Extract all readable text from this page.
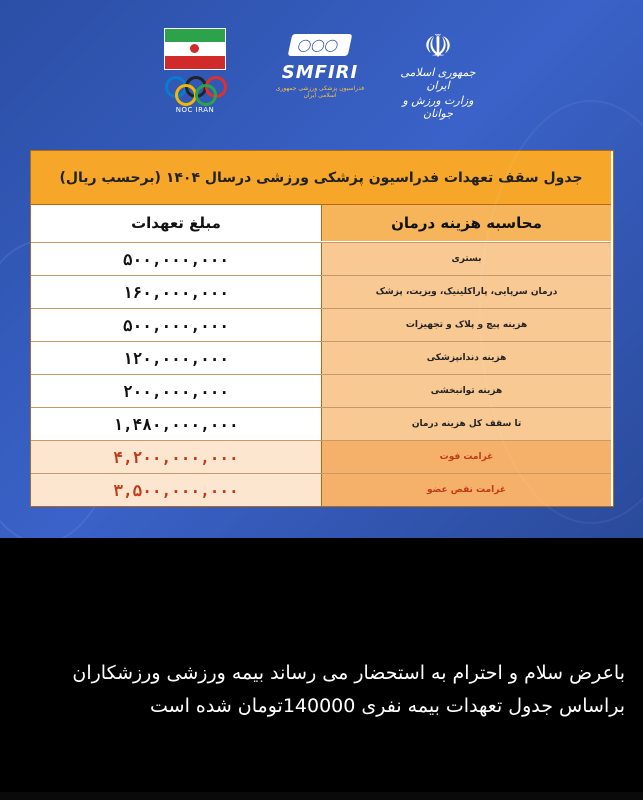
NOC IRAN
◯◯◯
SMFIRI
فدراسیون پزشکی ورزشی جمهوری اسلامی ایران
☫
جمهوری اسلامی ایران
وزارت ورزش و جوانان
جدول سقف تعهدات فدراسیون پزشکی ورزشی درسال ۱۴۰۴ (برحسب ریال)
مبلغ تعهدات	محاسبه هزینه درمان
۵۰۰,۰۰۰,۰۰۰	بستری
۱۶۰,۰۰۰,۰۰۰	درمان سرپایی، پاراکلینیک، ویزیت، پزشک
۵۰۰,۰۰۰,۰۰۰	هزینه پیچ و پلاک و تجهیزات
۱۲۰,۰۰۰,۰۰۰	هزینه دندانپزشکی
۲۰۰,۰۰۰,۰۰۰	هزینه توانبخشی
۱,۴۸۰,۰۰۰,۰۰۰	تا سقف کل هزینه درمان
۴,۲۰۰,۰۰۰,۰۰۰	غرامت فوت
۳,۵۰۰,۰۰۰,۰۰۰	غرامت نقص عضو
باعرض سلام و احترام به استحضار می رساند بیمه ورزشی ورزشکاران براساس جدول تعهدات بیمه نفری 140000تومان شده است
